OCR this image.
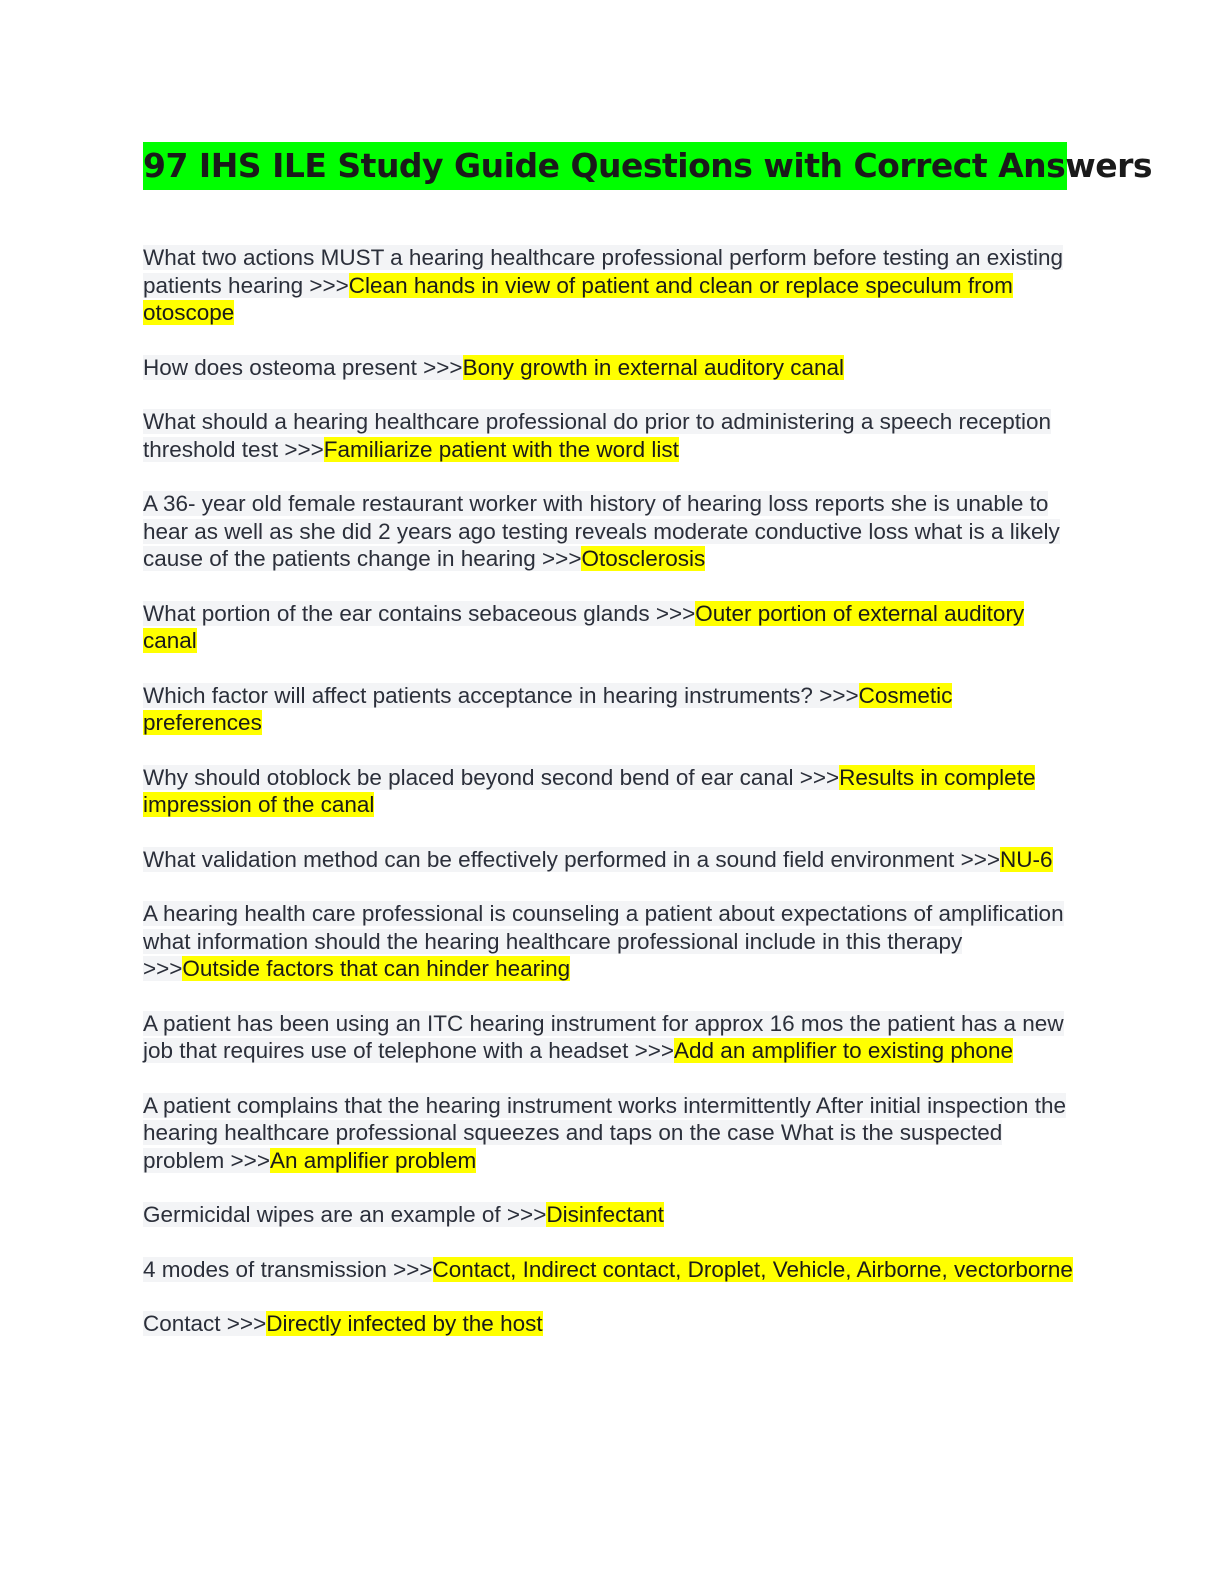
97 IHS ILE Study Guide Questions with Correct Answers

What two actions MUST a hearing healthcare professional perform before testing an existing patients hearing >>>Clean hands in view of patient and clean or replace speculum from otoscope

How does osteoma present >>>Bony growth in external auditory canal

What should a hearing healthcare professional do prior to administering a speech reception threshold test >>>Familiarize patient with the word list

A 36- year old female restaurant worker with history of hearing loss reports she is unable to hear as well as she did 2 years ago testing reveals moderate conductive loss what is a likely cause of the patients change in hearing >>>Otosclerosis

What portion of the ear contains sebaceous glands >>>Outer portion of external auditory canal

Which factor will affect patients acceptance in hearing instruments? >>>Cosmetic preferences

Why should otoblock be placed beyond second bend of ear canal >>>Results in complete impression of the canal

What validation method can be effectively performed in a sound field environment >>>NU-6

A hearing health care professional is counseling a patient about expectations of amplification what information should the hearing healthcare professional include in this therapy >>>Outside factors that can hinder hearing

A patient has been using an ITC hearing instrument for approx 16 mos the patient has a new job that requires use of telephone with a headset >>>Add an amplifier to existing phone

A patient complains that the hearing instrument works intermittently After initial inspection the hearing healthcare professional squeezes and taps on the case What is the suspected problem >>>An amplifier problem

Germicidal wipes are an example of >>>Disinfectant

4 modes of transmission >>>Contact, Indirect contact, Droplet, Vehicle, Airborne, vectorborne

Contact >>>Directly infected by the host
